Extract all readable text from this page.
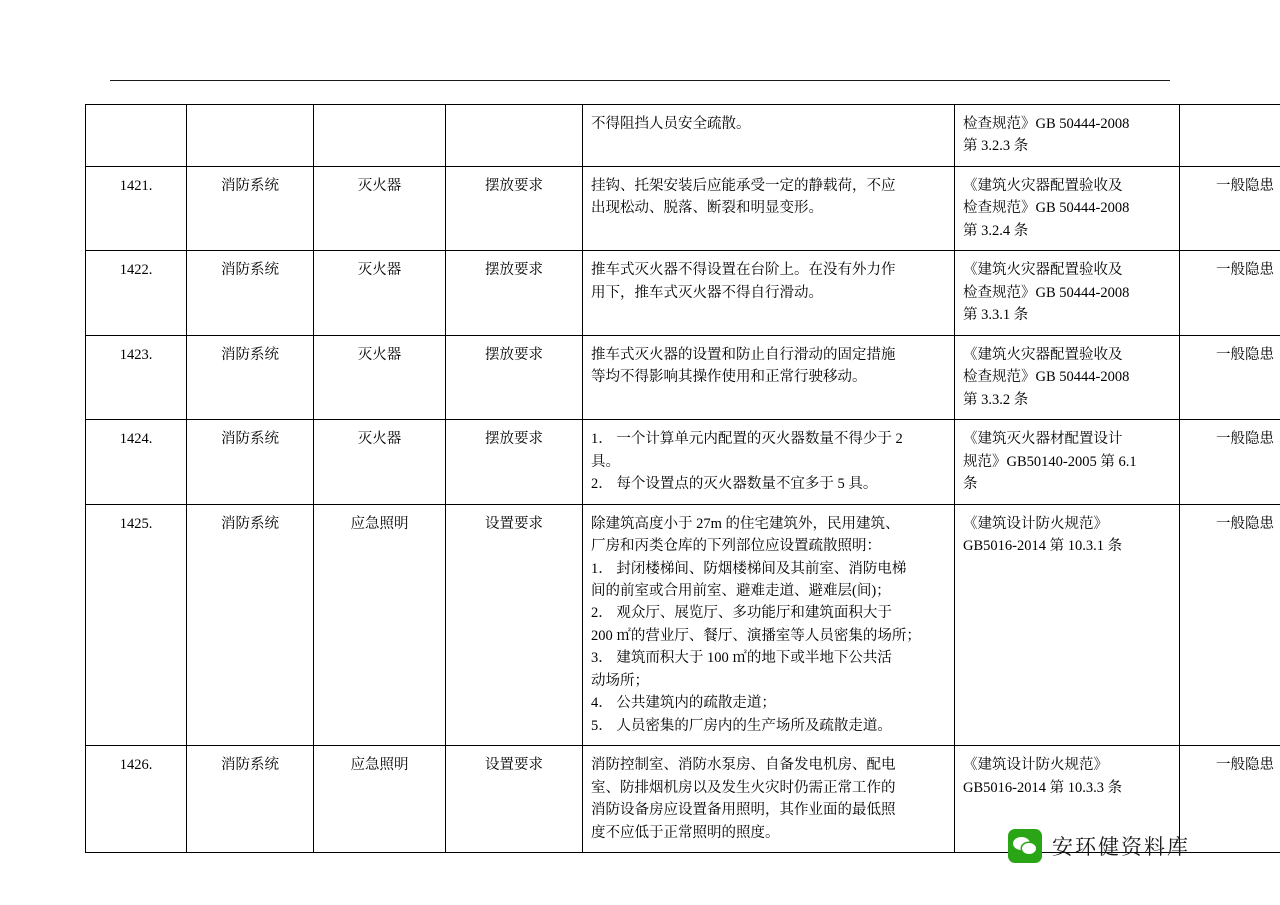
				不得阻挡人员安全疏散。	检查规范》GB 50444-2008
第 3.2.3 条	

1421.	消防系统	灭火器	摆放要求	挂钩、托架安装后应能承受一定的静载荷，不应
出现松动、脱落、断裂和明显变形。	《建筑火灾器配置验收及
检查规范》GB 50444-2008
第 3.2.4 条	一般隐患
1422.	消防系统	灭火器	摆放要求	推车式灭火器不得设置在台阶上。在没有外力作
用下，推车式灭火器不得自行滑动。	《建筑火灾器配置验收及
检查规范》GB 50444-2008
第 3.3.1 条	一般隐患
1423.	消防系统	灭火器	摆放要求	推车式灭火器的设置和防止自行滑动的固定措施
等均不得影响其操作使用和正常行驶移动。	《建筑火灾器配置验收及
检查规范》GB 50444-2008
第 3.3.2 条	一般隐患
1424.	消防系统	灭火器	摆放要求	1． 一个计算单元内配置的灭火器数量不得少于 2
具。
2． 每个设置点的灭火器数量不宜多于 5 具。	《建筑灭火器材配置设计
规范》GB50140-2005 第 6.1
条	一般隐患
1425.	消防系统	应急照明	设置要求	除建筑高度小于 27m 的住宅建筑外，民用建筑、
厂房和丙类仓库的下列部位应设置疏散照明：
1． 封闭楼梯间、防烟楼梯间及其前室、消防电梯
间的前室或合用前室、避难走道、避难层(间)；
2． 观众厅、展览厅、多功能厅和建筑面积大于
200 ㎡的营业厅、餐厅、演播室等人员密集的场所；
3． 建筑而积大于 100 ㎡的地下或半地下公共活
动场所；
4． 公共建筑内的疏散走道；
5． 人员密集的厂房内的生产场所及疏散走道。

《建筑设计防火规范》
GB5016-2014 第 10.3.1 条
	一般隐患
1426.	消防系统	应急照明	设置要求	消防控制室、消防水泵房、自备发电机房、配电
室、防排烟机房以及发生火灾时仍需正常工作的
消防设备房应设置备用照明，其作业面的最低照
度不应低于正常照明的照度。	《建筑设计防火规范》
GB5016-2014 第 10.3.3 条	一般隐患
安环健资料库
